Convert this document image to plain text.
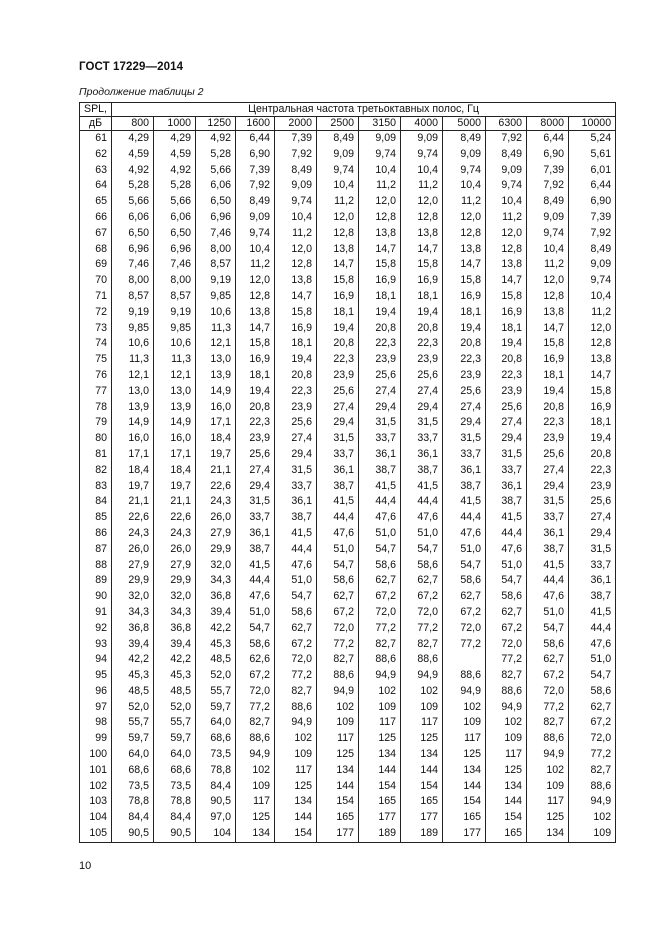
ГОСТ 17229—2014
Продолжение таблицы 2
SPL,	Центральная частота третьоктавных полос, Гц											
дБ	800	1000	1250	1600	2000	2500	3150	4000	5000	6300	8000	10000
61	4,29	4,29	4,92	6,44	7,39	8,49	9,09	9,09	8,49	7,92	6,44	5,24
62	4,59	4,59	5,28	6,90	7,92	9,09	9,74	9,74	9,09	8,49	6,90	5,61
63	4,92	4,92	5,66	7,39	8,49	9,74	10,4	10,4	9,74	9,09	7,39	6,01
64	5,28	5,28	6,06	7,92	9,09	10,4	11,2	11,2	10,4	9,74	7,92	6,44
65	5,66	5,66	6,50	8,49	9,74	11,2	12,0	12,0	11,2	10,4	8,49	6,90
66	6,06	6,06	6,96	9,09	10,4	12,0	12,8	12,8	12,0	11,2	9,09	7,39
67	6,50	6,50	7,46	9,74	11,2	12,8	13,8	13,8	12,8	12,0	9,74	7,92
68	6,96	6,96	8,00	10,4	12,0	13,8	14,7	14,7	13,8	12,8	10,4	8,49
69	7,46	7,46	8,57	11,2	12,8	14,7	15,8	15,8	14,7	13,8	11,2	9,09
70	8,00	8,00	9,19	12,0	13,8	15,8	16,9	16,9	15,8	14,7	12,0	9,74
71	8,57	8,57	9,85	12,8	14,7	16,9	18,1	18,1	16,9	15,8	12,8	10,4
72	9,19	9,19	10,6	13,8	15,8	18,1	19,4	19,4	18,1	16,9	13,8	11,2
73	9,85	9,85	11,3	14,7	16,9	19,4	20,8	20,8	19,4	18,1	14,7	12,0
74	10,6	10,6	12,1	15,8	18,1	20,8	22,3	22,3	20,8	19,4	15,8	12,8
75	11,3	11,3	13,0	16,9	19,4	22,3	23,9	23,9	22,3	20,8	16,9	13,8
76	12,1	12,1	13,9	18,1	20,8	23,9	25,6	25,6	23,9	22,3	18,1	14,7
77	13,0	13,0	14,9	19,4	22,3	25,6	27,4	27,4	25,6	23,9	19,4	15,8
78	13,9	13,9	16,0	20,8	23,9	27,4	29,4	29,4	27,4	25,6	20,8	16,9
79	14,9	14,9	17,1	22,3	25,6	29,4	31,5	31,5	29,4	27,4	22,3	18,1
80	16,0	16,0	18,4	23,9	27,4	31,5	33,7	33,7	31,5	29,4	23,9	19,4
81	17,1	17,1	19,7	25,6	29,4	33,7	36,1	36,1	33,7	31,5	25,6	20,8
82	18,4	18,4	21,1	27,4	31,5	36,1	38,7	38,7	36,1	33,7	27,4	22,3
83	19,7	19,7	22,6	29,4	33,7	38,7	41,5	41,5	38,7	36,1	29,4	23,9
84	21,1	21,1	24,3	31,5	36,1	41,5	44,4	44,4	41,5	38,7	31,5	25,6
85	22,6	22,6	26,0	33,7	38,7	44,4	47,6	47,6	44,4	41,5	33,7	27,4
86	24,3	24,3	27,9	36,1	41,5	47,6	51,0	51,0	47,6	44,4	36,1	29,4
87	26,0	26,0	29,9	38,7	44,4	51,0	54,7	54,7	51,0	47,6	38,7	31,5
88	27,9	27,9	32,0	41,5	47,6	54,7	58,6	58,6	54,7	51,0	41,5	33,7
89	29,9	29,9	34,3	44,4	51,0	58,6	62,7	62,7	58,6	54,7	44,4	36,1
90	32,0	32,0	36,8	47,6	54,7	62,7	67,2	67,2	62,7	58,6	47,6	38,7
91	34,3	34,3	39,4	51,0	58,6	67,2	72,0	72,0	67,2	62,7	51,0	41,5
92	36,8	36,8	42,2	54,7	62,7	72,0	77,2	77,2	72,0	67,2	54,7	44,4
93	39,4	39,4	45,3	58,6	67,2	77,2	82,7	82,7	77,2	72,0	58,6	47,6
94	42,2	42,2	48,5	62,6	72,0	82,7	88,6	88,6		77,2	62,7	51,0
95	45,3	45,3	52,0	67,2	77,2	88,6	94,9	94,9	88,6	82,7	67,2	54,7
96	48,5	48,5	55,7	72,0	82,7	94,9	102	102	94,9	88,6	72,0	58,6
97	52,0	52,0	59,7	77,2	88,6	102	109	109	102	94,9	77,2	62,7
98	55,7	55,7	64,0	82,7	94,9	109	117	117	109	102	82,7	67,2
99	59,7	59,7	68,6	88,6	102	117	125	125	117	109	88,6	72,0
100	64,0	64,0	73,5	94,9	109	125	134	134	125	117	94,9	77,2
101	68,6	68,6	78,8	102	117	134	144	144	134	125	102	82,7
102	73,5	73,5	84,4	109	125	144	154	154	144	134	109	88,6
103	78,8	78,8	90,5	117	134	154	165	165	154	144	117	94,9
104	84,4	84,4	97,0	125	144	165	177	177	165	154	125	102
105	90,5	90,5	104	134	154	177	189	189	177	165	134	109
10
